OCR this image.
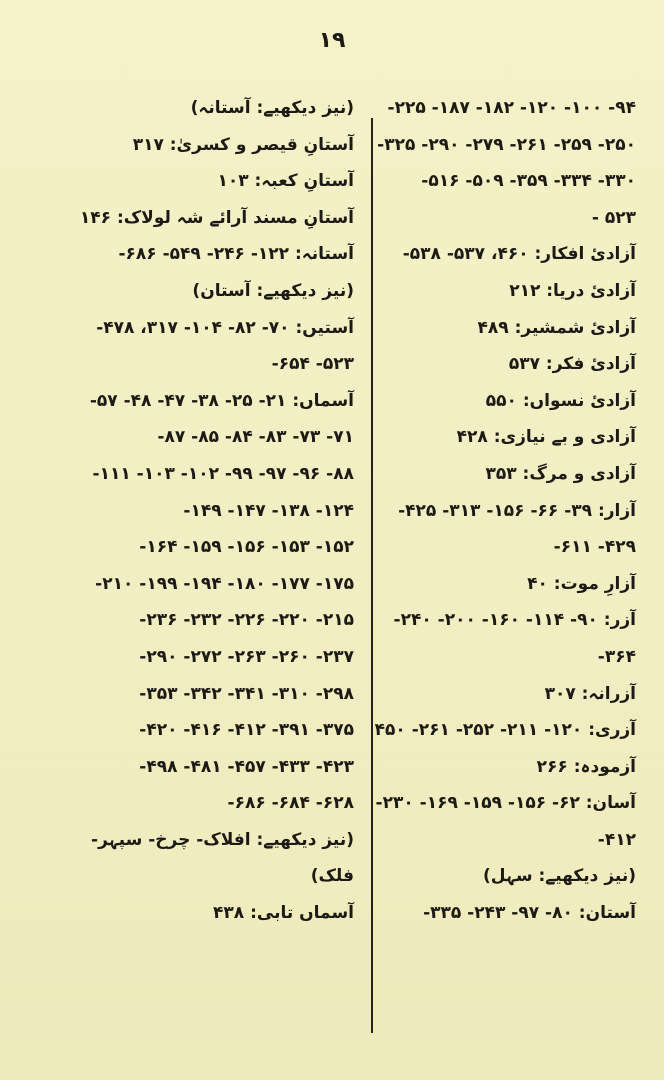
۱۹
۹۴- ۱۰۰- ۱۲۰- ۱۸۲- ۱۸۷- ۲۲۵-
۲۵۰- ۲۵۹- ۲۶۱- ۲۷۹- ۲۹۰- ۳۲۵-
۳۳۰- ۳۳۴- ۳۵۹- ۵۰۹- ۵۱۶-
۵۲۳ -
آزادیٔ افکار: ۴۶۰، ۵۳۷- ۵۳۸-
آزادیٔ دریا: ۲۱۲
آزادیٔ شمشیر: ۴۸۹
آزادیٔ فکر: ۵۳۷
آزادیٔ نسواں: ۵۵۰
آزادی و بے نیازی: ۴۲۸
آزادی و مرگ: ۳۵۳
آزار: ۳۹- ۶۶- ۱۵۶- ۳۱۳- ۴۲۵-
۴۲۹- ۶۱۱-
آزارِ موت: ۴۰
آزر: ۹۰- ۱۱۴- ۱۶۰- ۲۰۰- ۲۴۰-
۳۶۴-
آزرانہ: ۳۰۷
آزری: ۱۲۰- ۲۱۱- ۲۵۲- ۲۶۱- ۴۵۰
آزمودہ: ۲۶۶
آسان: ۶۲- ۱۵۶- ۱۵۹- ۱۶۹- ۲۳۰-
۴۱۲-
(نیز دیکھیے: سہل)
آستان: ۸۰- ۹۷- ۲۴۳- ۳۳۵-
(نیز دیکھیے: آستانہ)
آستانِ قیصر و کسریٰ: ۳۱۷
آستانِ کعبہ: ۱۰۳
آستانِ مسند آرائے شہ لولاک: ۱۴۶
آستانہ: ۱۲۲- ۲۴۶- ۵۴۹- ۶۸۶-
(نیز دیکھیے: آستان)
آستیں: ۷۰- ۸۲- ۱۰۴- ۳۱۷، ۴۷۸-
۵۲۳- ۶۵۴-
آسماں: ۲۱- ۲۵- ۳۸- ۴۷- ۴۸- ۵۷-
۷۱- ۷۳- ۸۳- ۸۴- ۸۵- ۸۷-
۸۸- ۹۶- ۹۷- ۹۹- ۱۰۲- ۱۰۳- ۱۱۱-
۱۲۴- ۱۳۸- ۱۴۷- ۱۴۹-
۱۵۲- ۱۵۳- ۱۵۶- ۱۵۹- ۱۶۴-
۱۷۵- ۱۷۷- ۱۸۰- ۱۹۴- ۱۹۹- ۲۱۰-
۲۱۵- ۲۲۰- ۲۲۶- ۲۳۲- ۲۳۶-
۲۳۷- ۲۶۰- ۲۶۳- ۲۷۲- ۲۹۰-
۲۹۸- ۳۱۰- ۳۴۱- ۳۴۲- ۳۵۳-
۳۷۵- ۳۹۱- ۴۱۲- ۴۱۶- ۴۲۰-
۴۲۳- ۴۳۳- ۴۵۷- ۴۸۱- ۴۹۸-
۶۲۸- ۶۸۴- ۶۸۶-
(نیز دیکھیے: افلاک- چرخ- سپہر-
فلک)
آسماں تابی: ۴۳۸
